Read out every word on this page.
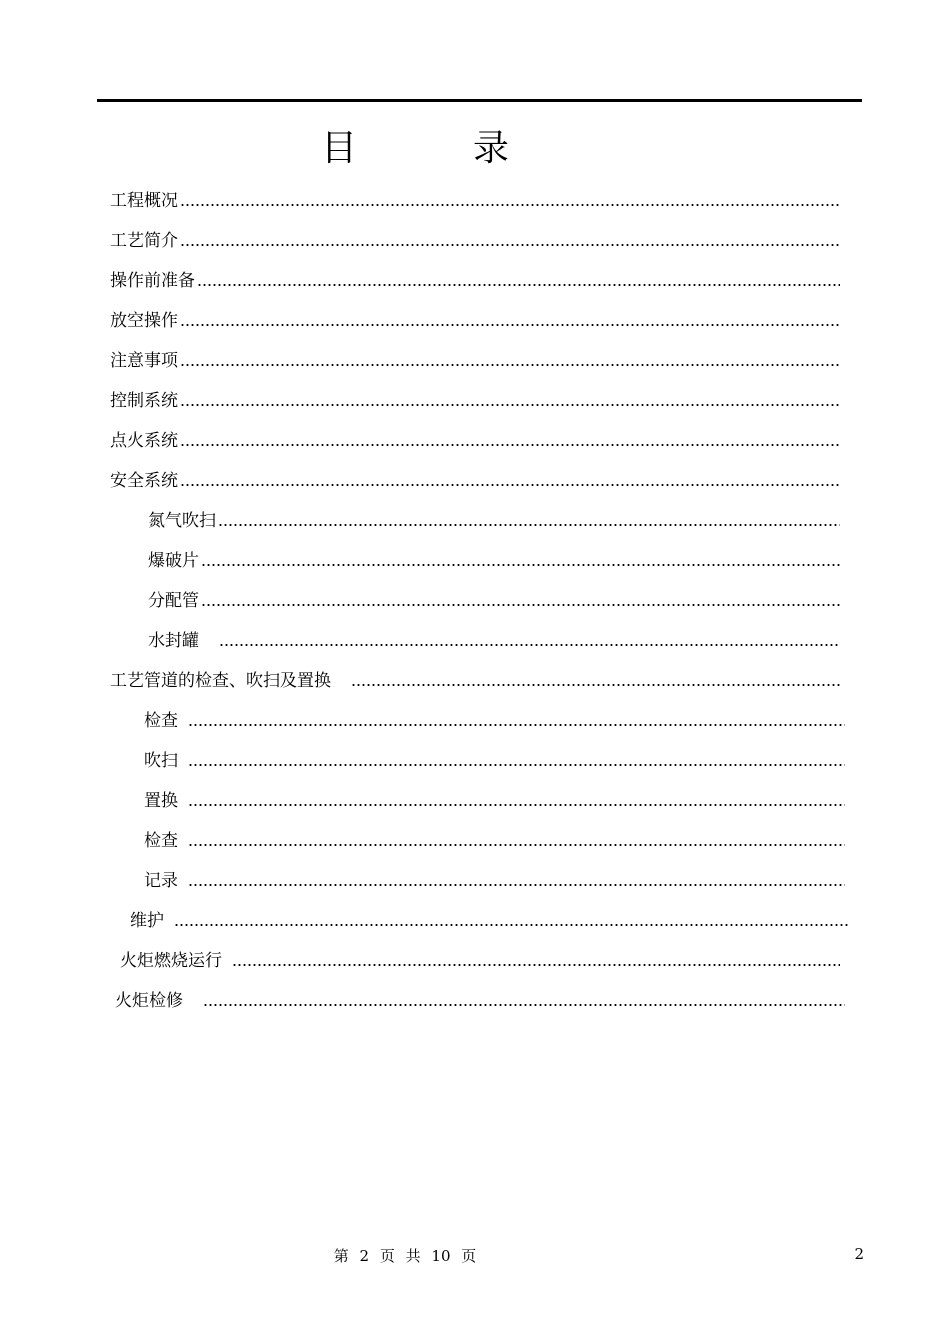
目　录
工程概况
工艺简介
操作前准备
放空操作
注意事项
控制系统
点火系统
安全系统
氮气吹扫
爆破片
分配管
水封罐
工艺管道的检查、吹扫及置换
检查
吹扫
置换
检查
记录
维护
火炬燃烧运行
火炬检修
第 2 页 共 10 页	2
